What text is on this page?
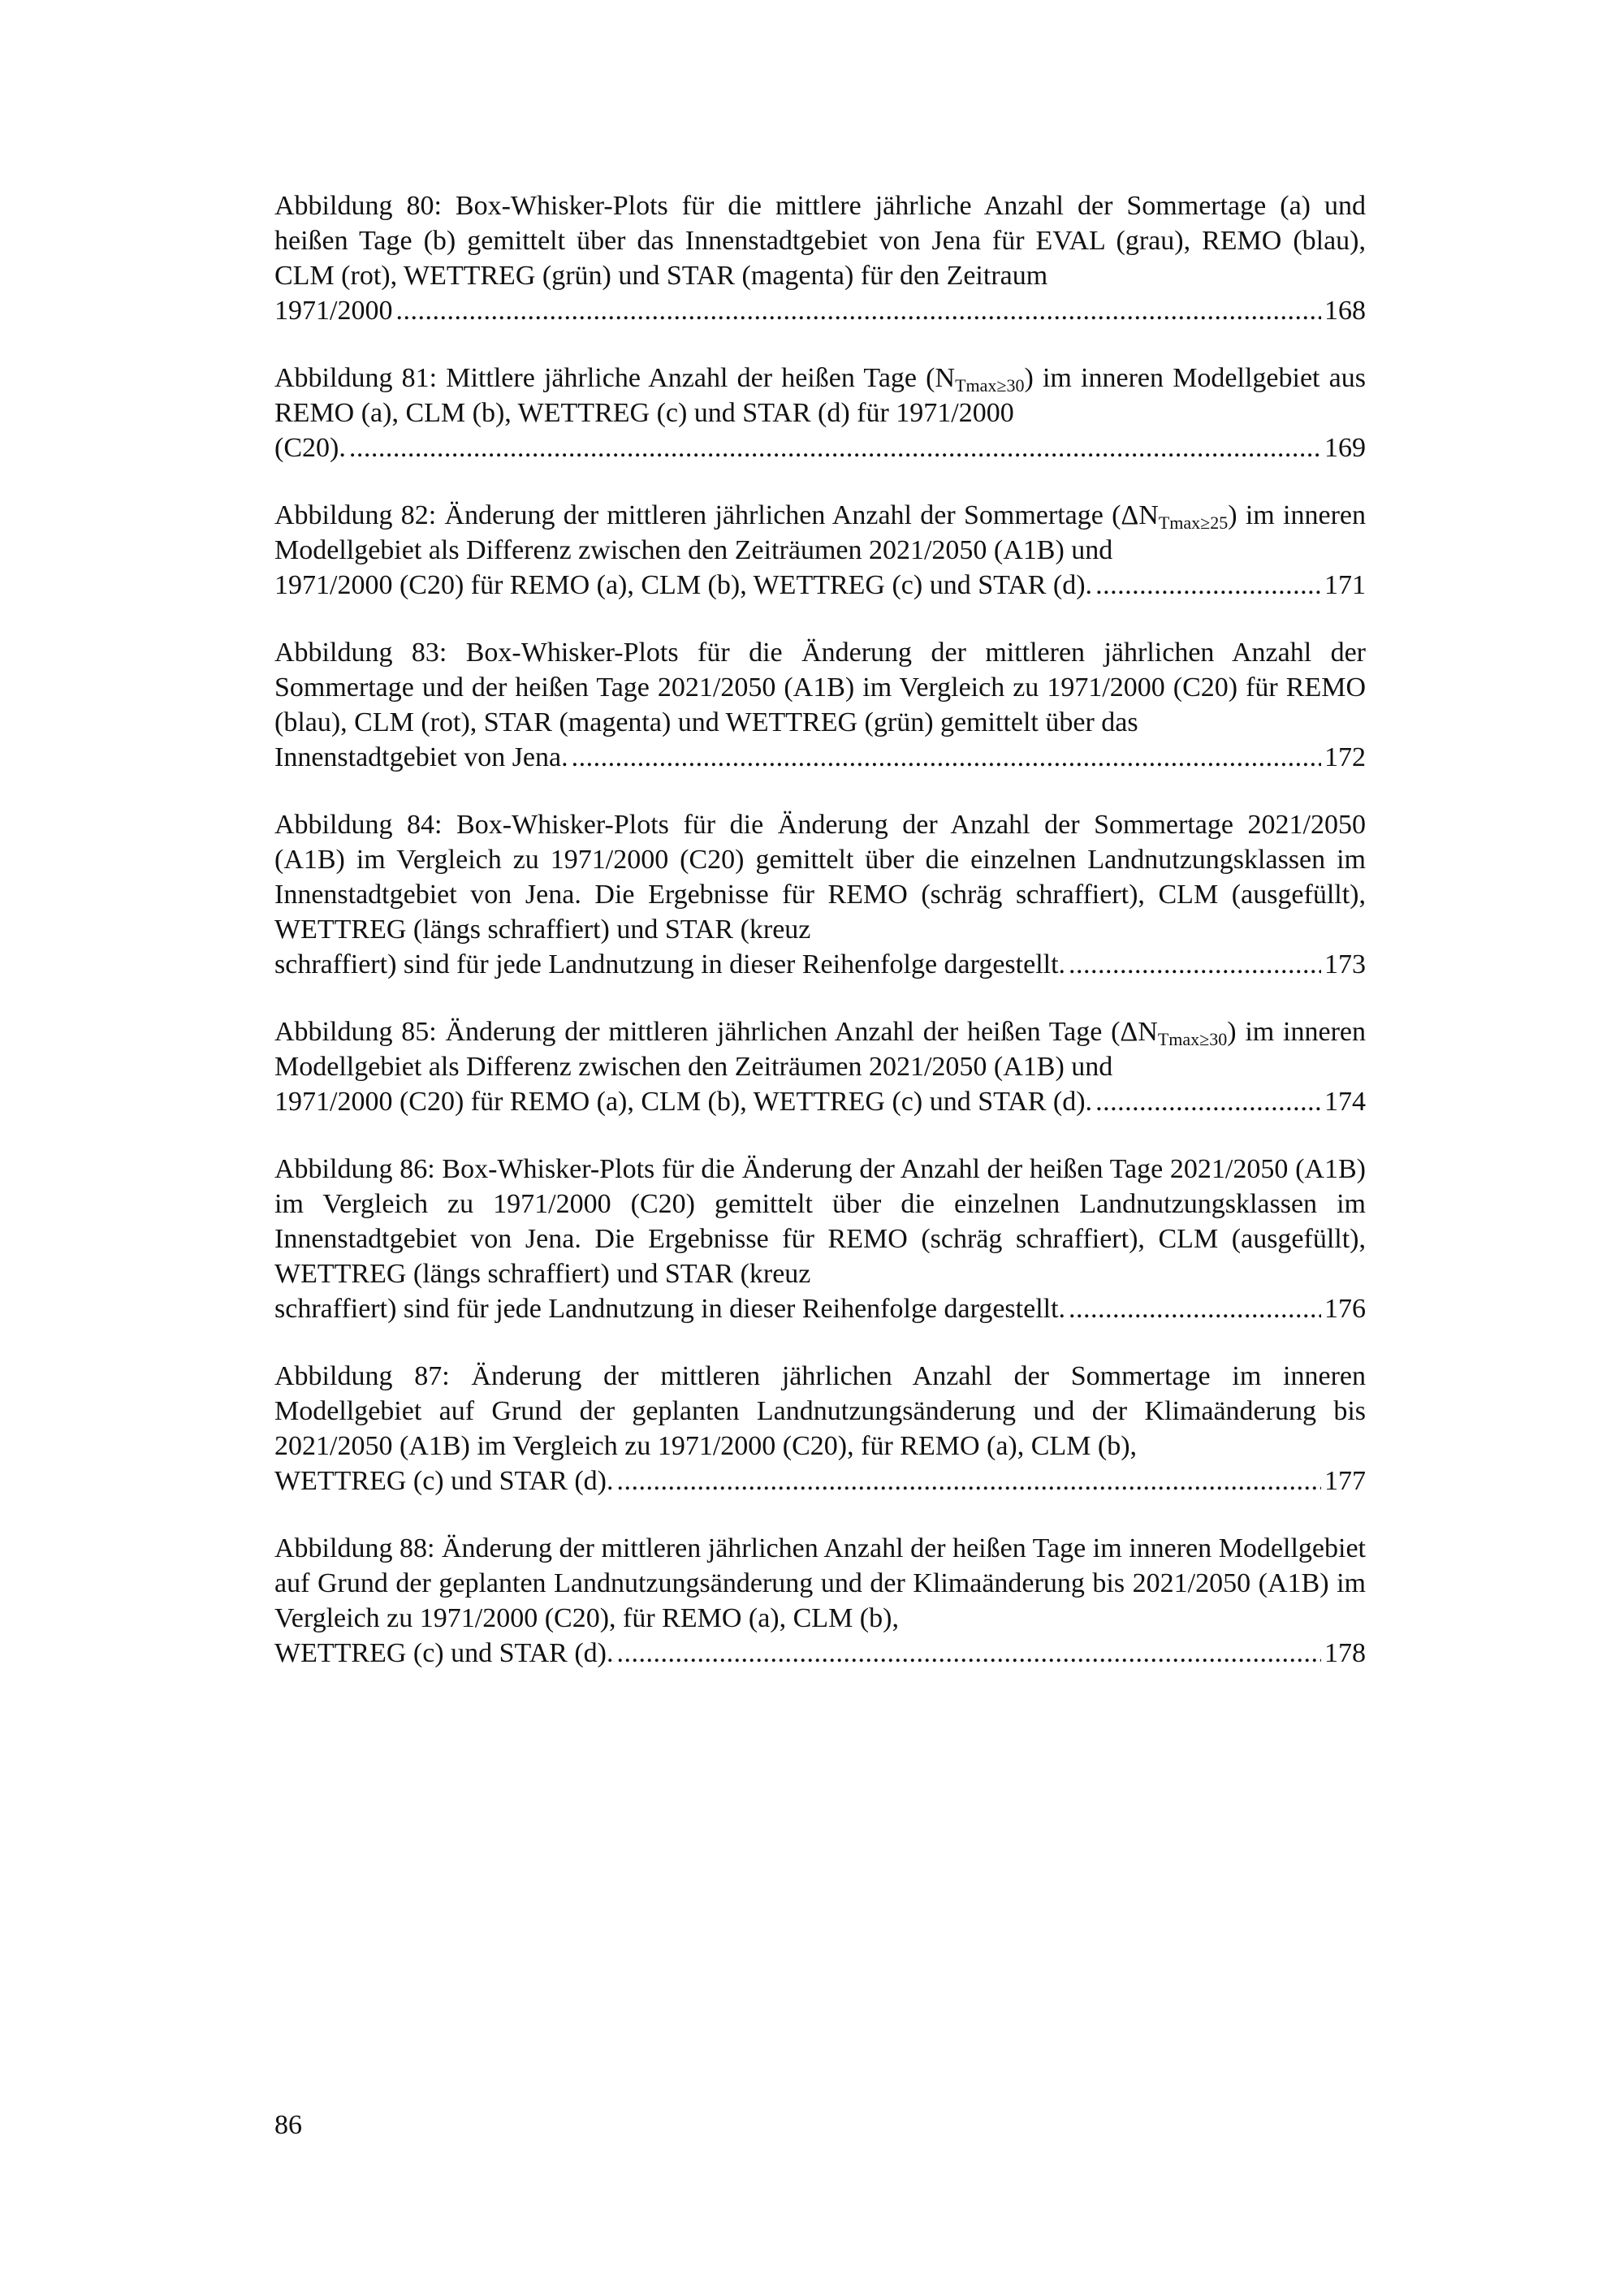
Abbildung 80: Box-Whisker-Plots für die mittlere jährliche Anzahl der Sommertage (a) und heißen Tage (b) gemittelt über das Innenstadtgebiet von Jena für EVAL (grau), REMO (blau), CLM (rot), WETTREG (grün) und STAR (magenta) für den Zeitraum
1971/2000 . . .	168
Abbildung 81: Mittlere jährliche Anzahl der heißen Tage $(N_{Tmax\ge 30})$ im inneren Modellgebiet aus REMO (a), CLM (b), WETTREG (c) und STAR (d) für 1971/2000
(C20). . . .	169
Abbildung 82: Änderung der mittleren jährlichen Anzahl der Sommertage $(\Delta N_{Tmax\ge 25})$ im inneren Modellgebiet als Differenz zwischen den Zeiträumen 2021/2050 (A1B) und
1971/2000 (C20) für REMO (a), CLM (b), WETTREG (c) und STAR (d). . . .	171
Abbildung 83: Box-Whisker-Plots für die Änderung der mittleren jährlichen Anzahl der Sommertage und der heißen Tage 2021/2050 (A1B) im Vergleich zu 1971/2000 (C20) für REMO (blau), CLM (rot), STAR (magenta) und WETTREG (grün) gemittelt über das
Innenstadtgebiet von Jena. . . .	172
Abbildung 84: Box-Whisker-Plots für die Änderung der Anzahl der Sommertage 2021/2050 (A1B) im Vergleich zu 1971/2000 (C20) gemittelt über die einzelnen Landnutzungsklassen im Innenstadtgebiet von Jena. Die Ergebnisse für REMO (schräg schraffiert), CLM (ausgefüllt), WETTREG (längs schraffiert) und STAR (kreuz
schraffiert) sind für jede Landnutzung in dieser Reihenfolge dargestellt. . . .	173
Abbildung 85: Änderung der mittleren jährlichen Anzahl der heißen Tage $(\Delta N_{Tmax\ge 30})$ im inneren Modellgebiet als Differenz zwischen den Zeiträumen 2021/2050 (A1B) und
1971/2000 (C20) für REMO (a), CLM (b), WETTREG (c) und STAR (d). . . .	174
Abbildung 86: Box-Whisker-Plots für die Änderung der Anzahl der heißen Tage 2021/2050 (A1B) im Vergleich zu 1971/2000 (C20) gemittelt über die einzelnen Landnutzungsklassen im Innenstadtgebiet von Jena. Die Ergebnisse für REMO (schräg schraffiert), CLM (ausgefüllt), WETTREG (längs schraffiert) und STAR (kreuz
schraffiert) sind für jede Landnutzung in dieser Reihenfolge dargestellt. . . .	176
Abbildung 87: Änderung der mittleren jährlichen Anzahl der Sommertage im inneren Modellgebiet auf Grund der geplanten Landnutzungsänderung und der Klimaänderung bis 2021/2050 (A1B) im Vergleich zu 1971/2000 (C20), für REMO (a), CLM (b),
WETTREG (c) und STAR (d). . . .	177
Abbildung 88: Änderung der mittleren jährlichen Anzahl der heißen Tage im inneren Modellgebiet auf Grund der geplanten Landnutzungsänderung und der Klimaänderung bis 2021/2050 (A1B) im Vergleich zu 1971/2000 (C20), für REMO (a), CLM (b),
WETTREG (c) und STAR (d). . . .	178
86
